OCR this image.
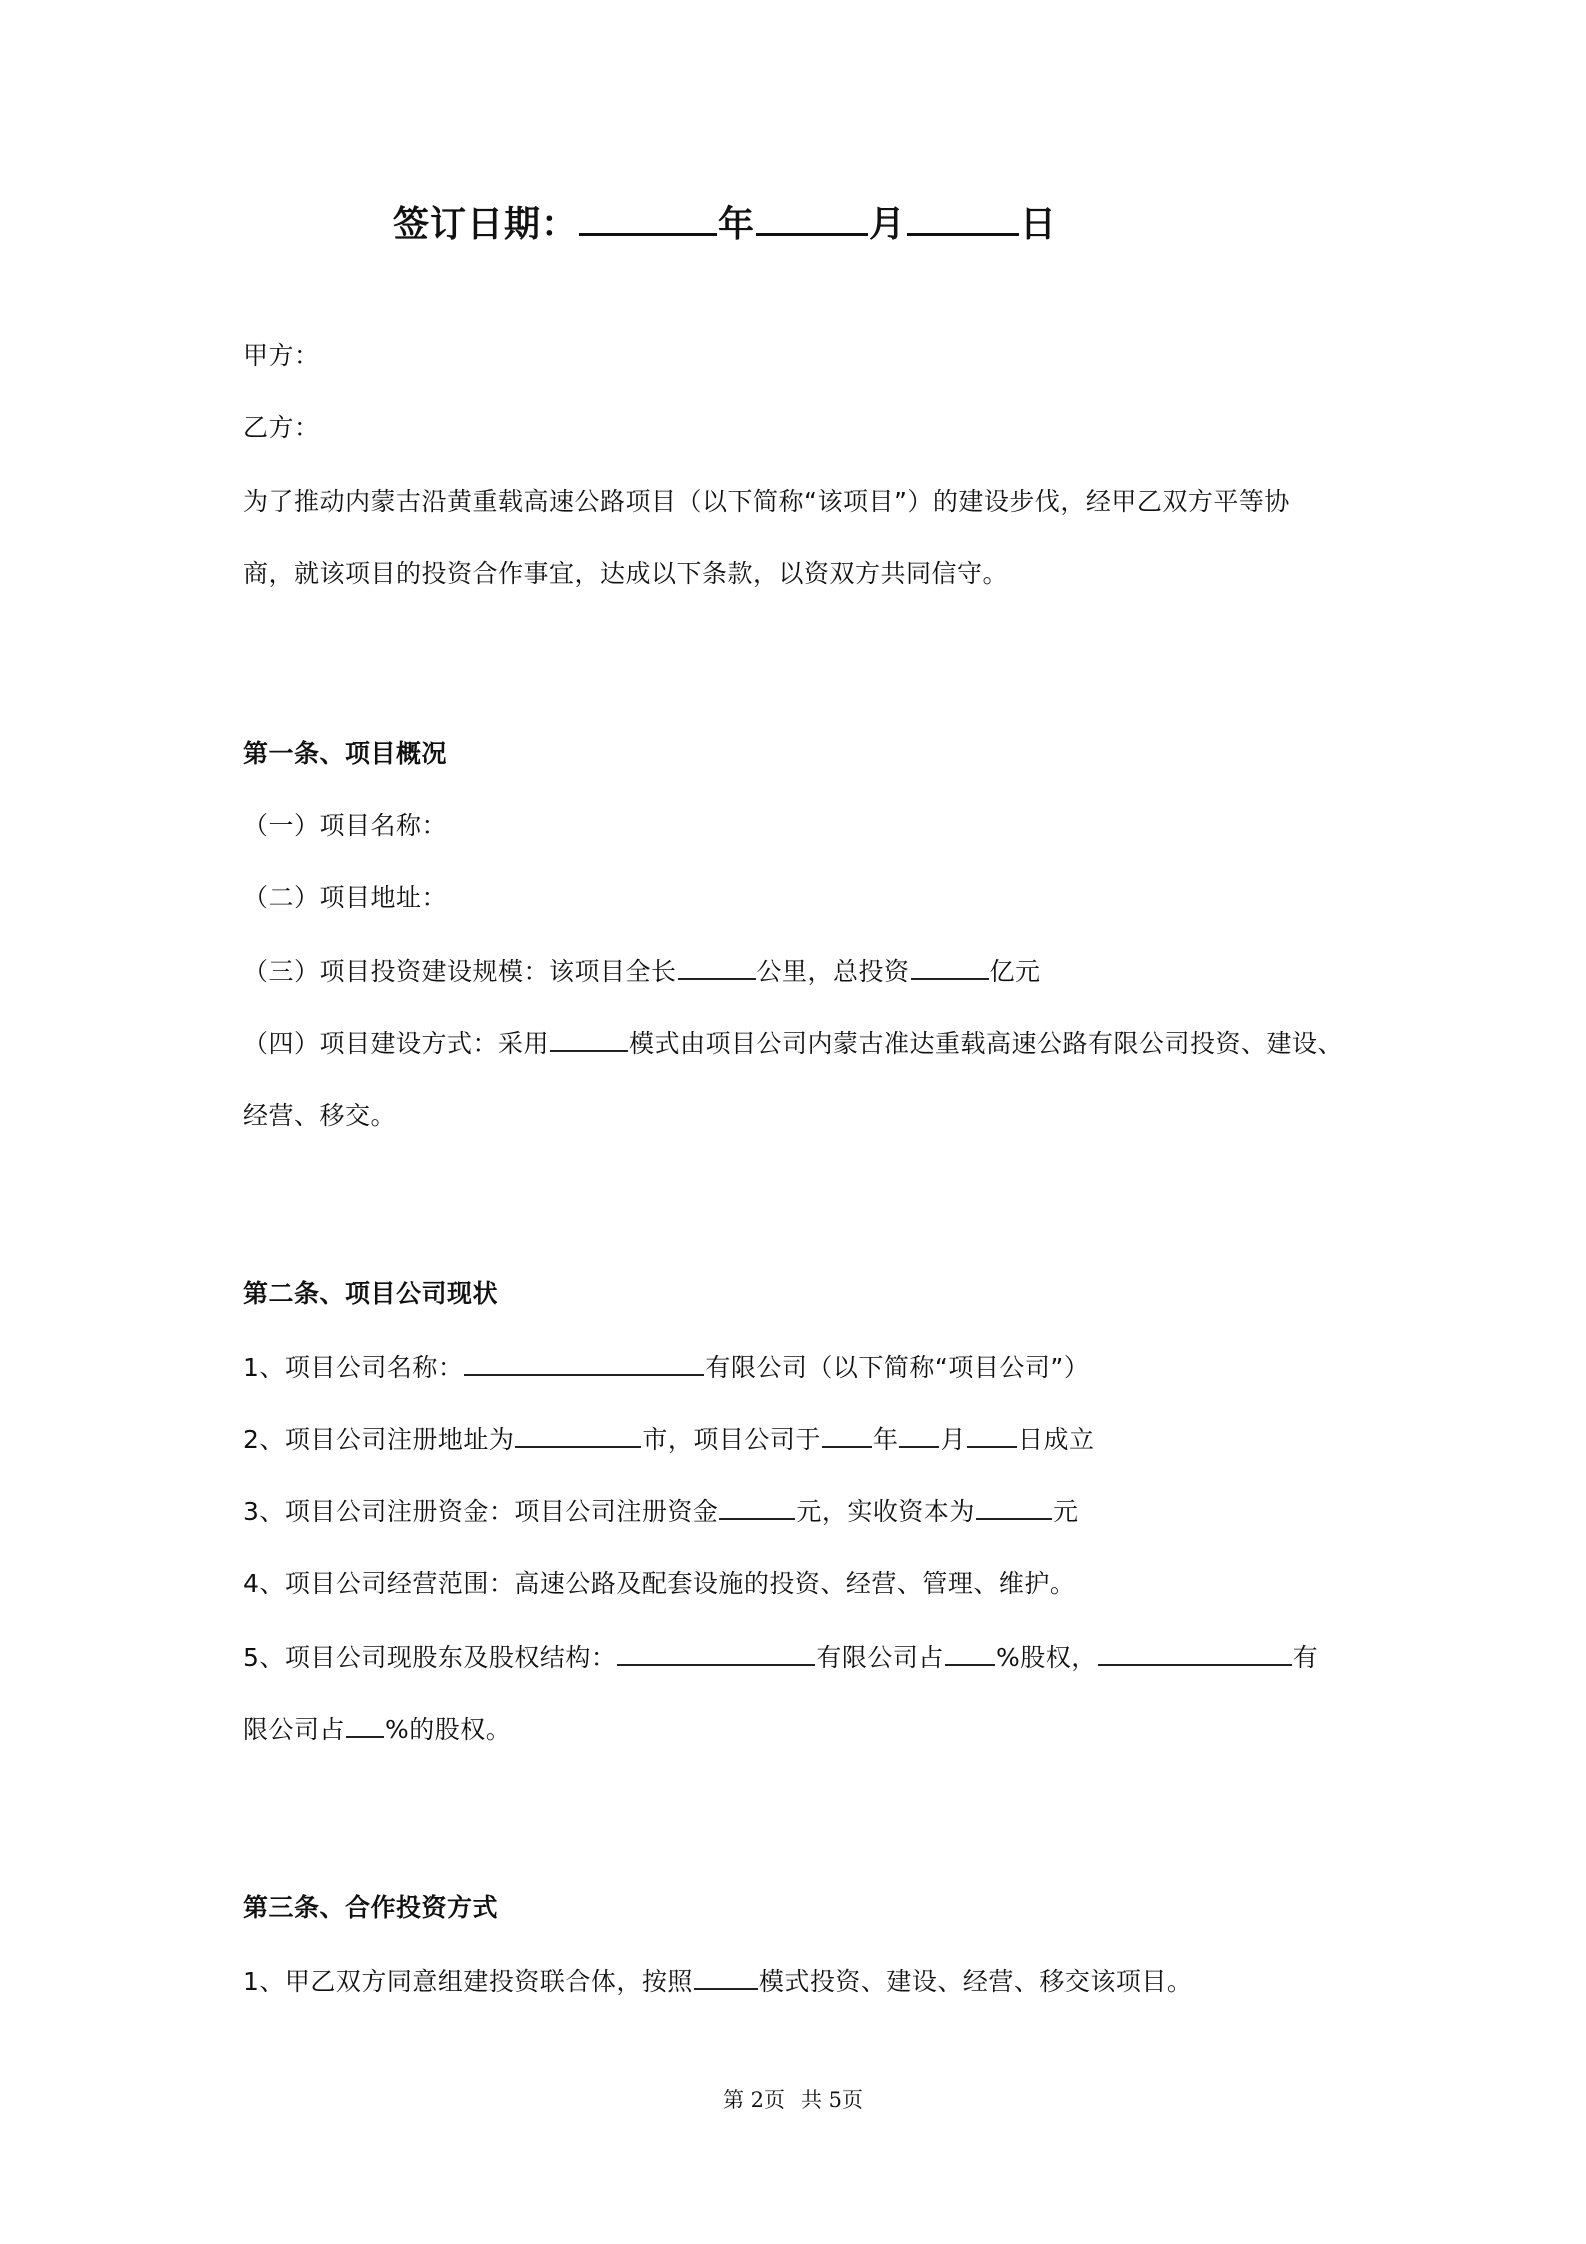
签订日期：	年	月	日
甲方：
乙方：
为了推动内蒙古沿黄重载高速公路项目（以下简称“该项目”）的建设步伐，经甲乙双方平等协
商，就该项目的投资合作事宜，达成以下条款，以资双方共同信守。
第一条、项目概况
（一）项目名称：
（二）项目地址：
（三）项目投资建设规模：该项目全长	公里，总投资	亿元
（四）项目建设方式：采用	模式由项目公司内蒙古准达重载高速公路有限公司投资、建设、
经营、移交。
第二条、项目公司现状
1、项目公司名称：	有限公司（以下简称“项目公司”）
2、项目公司注册地址为	市，项目公司于 年 月 日成立
3、项目公司注册资金：项目公司注册资金	元，实收资本为	元
4、项目公司经营范围：高速公路及配套设施的投资、经营、管理、维护。
5、项目公司现股东及股权结构：	有限公司占 %股权，	有
限公司占 %的股权。
第三条、合作投资方式
1、甲乙双方同意组建投资联合体，按照	模式投资、建设、经营、移交该项目。
第 2页 共 5页
